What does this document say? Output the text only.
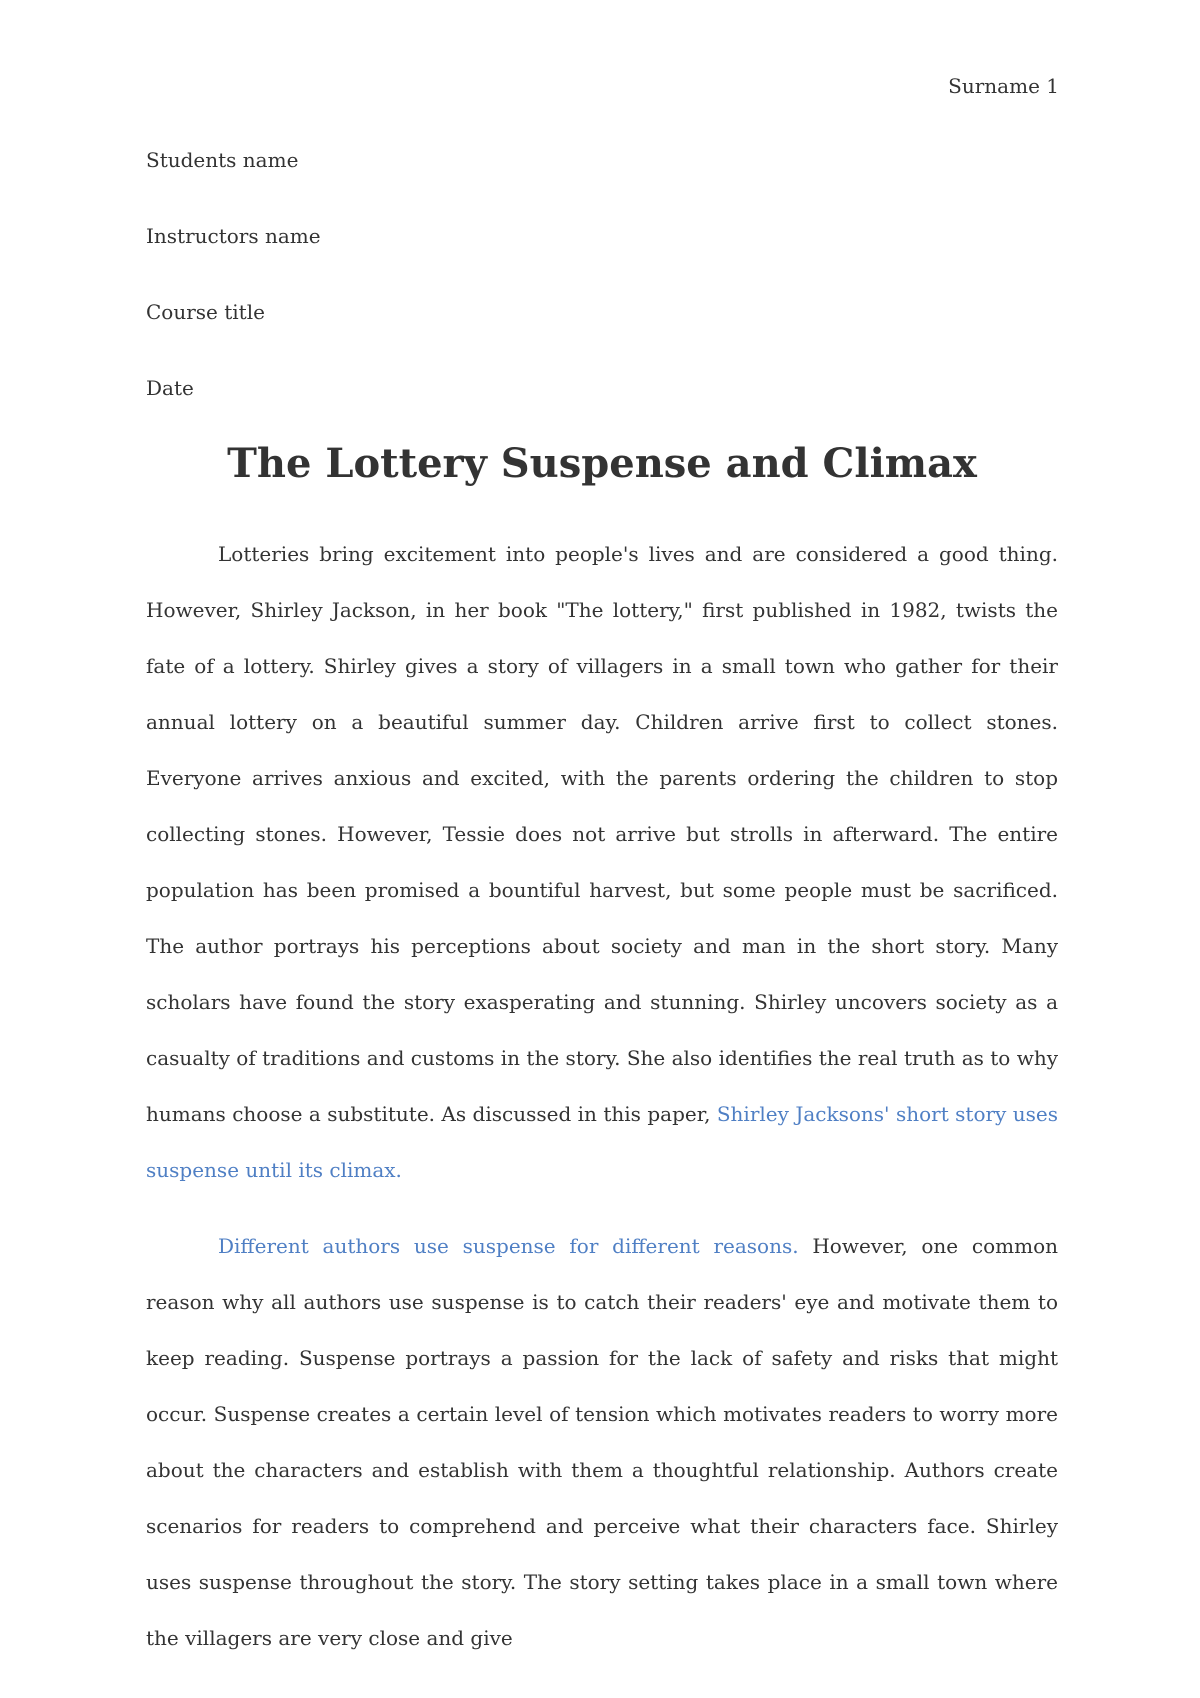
Surname 1

Students name

Instructors name

Course title

Date

The Lottery Suspense and Climax

Lotteries bring excitement into people's lives and are considered a good thing. However, Shirley Jackson, in her book "The lottery," first published in 1982, twists the fate of a lottery. Shirley gives a story of villagers in a small town who gather for their annual lottery on a beautiful summer day. Children arrive first to collect stones. Everyone arrives anxious and excited, with the parents ordering the children to stop collecting stones. However, Tessie does not arrive but strolls in afterward. The entire population has been promised a bountiful harvest, but some people must be sacrificed. The author portrays his perceptions about society and man in the short story. Many scholars have found the story exasperating and stunning. Shirley uncovers society as a casualty of traditions and customs in the story. She also identifies the real truth as to why humans choose a substitute. As discussed in this paper, Shirley Jacksons' short story uses suspense until its climax.

Different authors use suspense for different reasons. However, one common reason why all authors use suspense is to catch their readers' eye and motivate them to keep reading. Suspense portrays a passion for the lack of safety and risks that might occur. Suspense creates a certain level of tension which motivates readers to worry more about the characters and establish with them a thoughtful relationship. Authors create scenarios for readers to comprehend and perceive what their characters face. Shirley uses suspense throughout the story. The story setting takes place in a small town where the villagers are very close and give
